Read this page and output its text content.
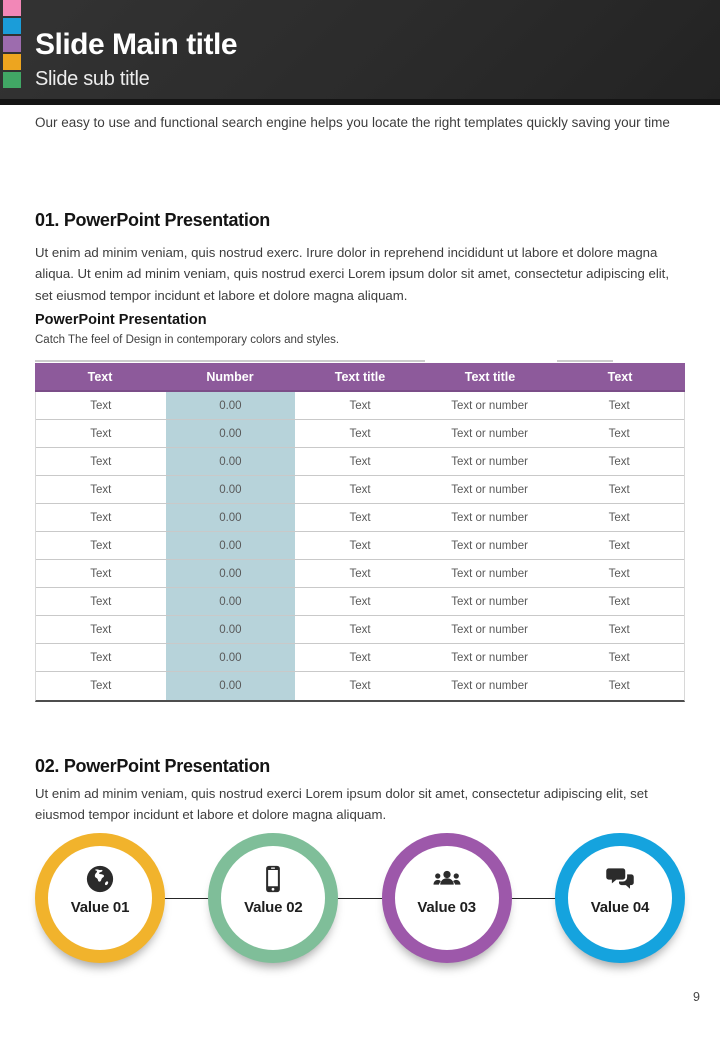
Slide Main title
Slide sub title
Our easy to use and functional search engine helps you locate the right templates quickly saving your time
01. PowerPoint Presentation
Ut enim ad minim veniam, quis nostrud exerc. Irure dolor in reprehend incididunt ut labore et dolore magna aliqua. Ut enim ad minim veniam, quis nostrud exerci Lorem ipsum dolor sit amet, consectetur adipiscing elit, set eiusmod tempor incidunt et labore et dolore magna aliquam.
PowerPoint Presentation
Catch The feel of Design in contemporary colors and styles.
Text	Number	Text title	Text title	Text
Text	0.00	Text	Text or number	Text
Text	0.00	Text	Text or number	Text
Text	0.00	Text	Text or number	Text
Text	0.00	Text	Text or number	Text
Text	0.00	Text	Text or number	Text
Text	0.00	Text	Text or number	Text
Text	0.00	Text	Text or number	Text
Text	0.00	Text	Text or number	Text
Text	0.00	Text	Text or number	Text
Text	0.00	Text	Text or number	Text
Text	0.00	Text	Text or number	Text
02. PowerPoint Presentation
Ut enim ad minim veniam, quis nostrud exerci Lorem ipsum dolor sit amet, consectetur adipiscing elit, set eiusmod tempor incidunt et labore et dolore magna aliquam.
Value 01	Value 02	Value 03	Value 04
9
